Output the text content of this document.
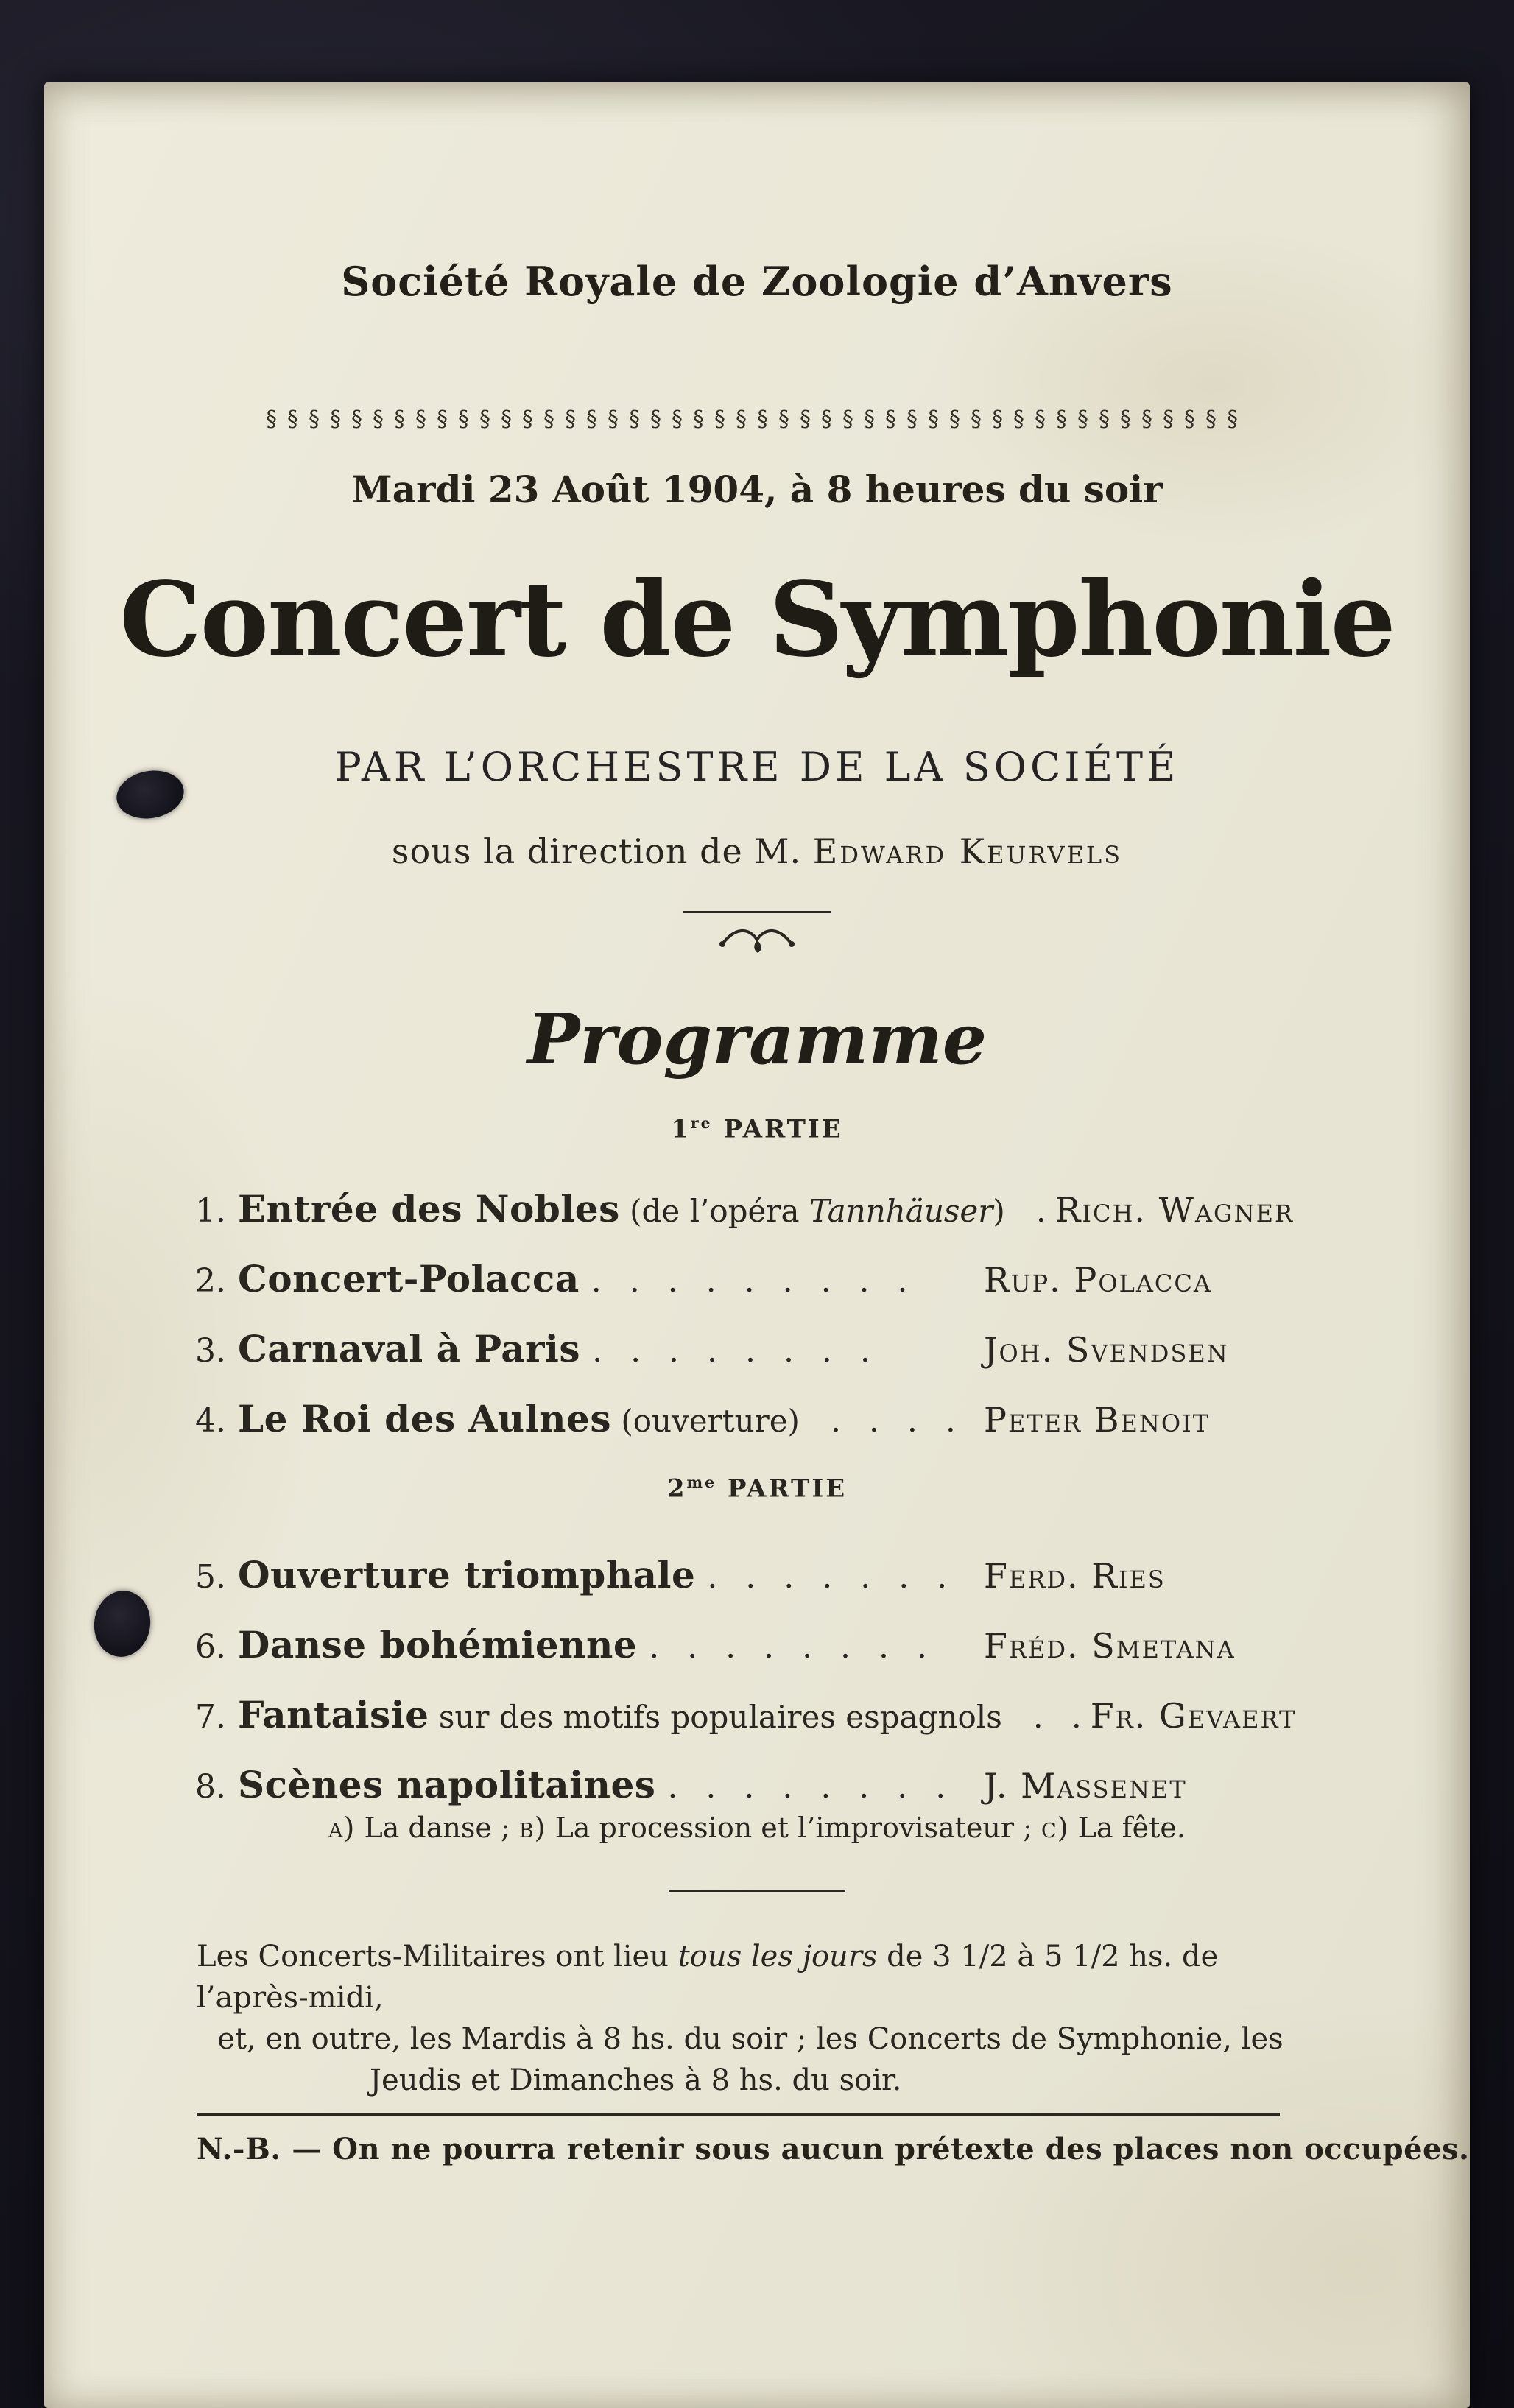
Société Royale de Zoologie d’Anvers
§§§§§§§§§§§§§§§§§§§§§§§§§§§§§§§§§§§§§§§§§§§§§§
Mardi 23 Août 1904, à 8 heures du soir
Concert de Symphonie
PAR L’ORCHESTRE DE LA SOCIÉTÉ
sous la direction de M. Edward Keurvels
Programme
1re PARTIE
1. Entrée des Nobles (de l’opéra Tannhäuser) . Rich. Wagner
2. Concert-Polacca . . . . . . . . .	Rup. Polacca
3. Carnaval à Paris . . . . . . . .	Joh. Svendsen
4. Le Roi des Aulnes (ouverture) . . . . Peter Benoit
$2^{me}$ PARTIE
5. Ouverture triomphale . . . . . . . Ferd. Ries
6. Danse bohémienne . . . . . . . .	Fréd. Smetana
7. Fantaisie sur des motifs populaires espagnols . . Fr. Gevaert
8. Scènes napolitaines . . . . . . . . J. Massenet
a) La danse ; b) La procession et l’improvisateur ; c) La fête.
Les Concerts-Militaires ont lieu tous les jours de 3 1/2 à 5 1/2 hs. de l’après-midi,
et, en outre, les Mardis à 8 hs. du soir ; les Concerts de Symphonie, les
Jeudis et Dimanches à 8 hs. du soir.
N.-B. — On ne pourra retenir sous aucun prétexte des places non occupées.
